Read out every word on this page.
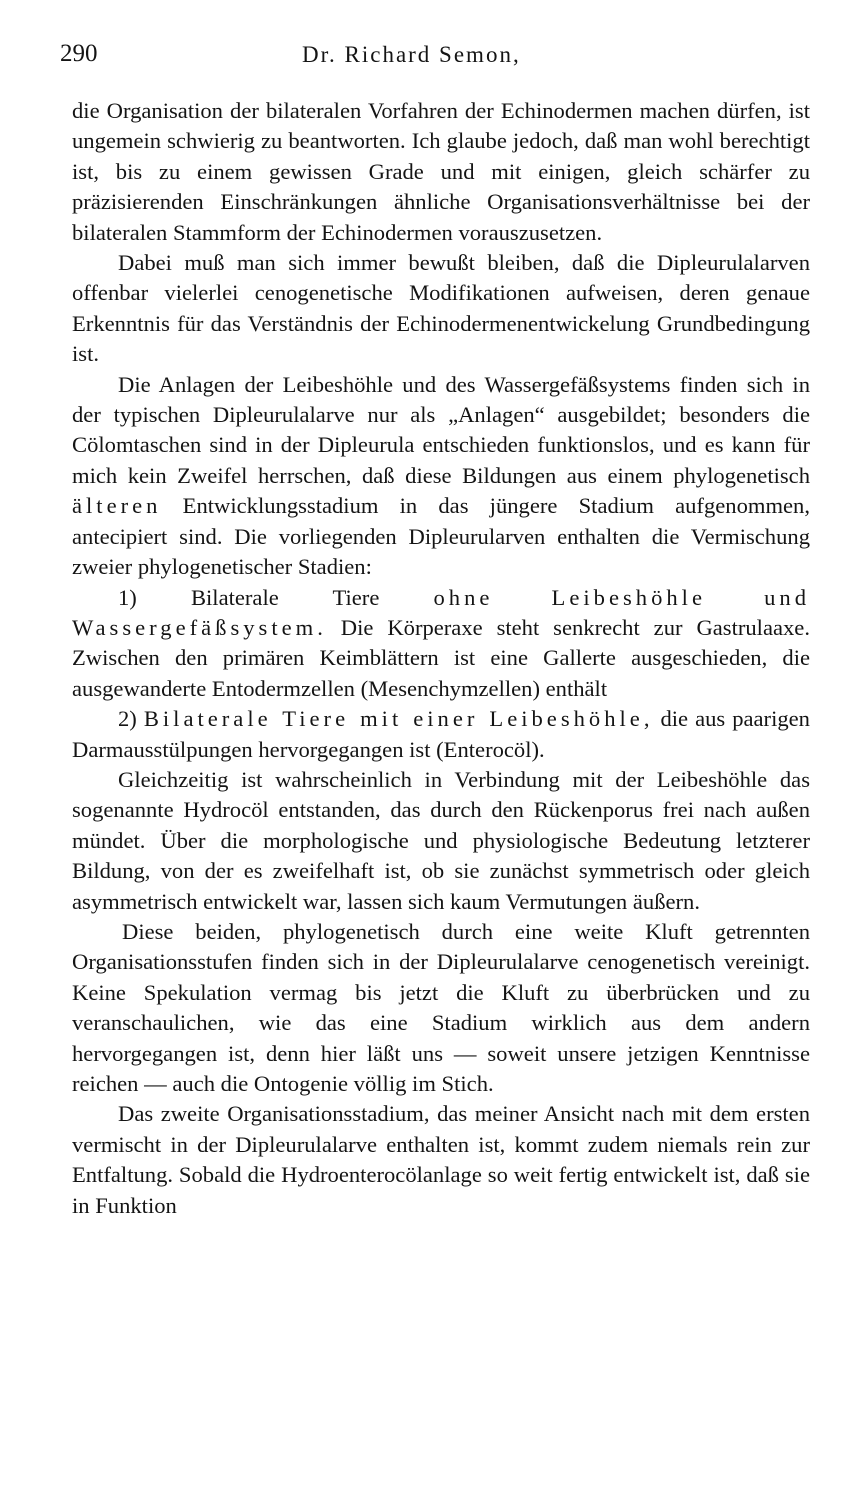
290	Dr. Richard Semon,

die Organisation der bilateralen Vorfahren der Echinodermen machen dürfen, ist ungemein schwierig zu beantworten. Ich glaube jedoch, daß man wohl berechtigt ist, bis zu einem gewissen Grade und mit einigen, gleich schärfer zu präzisierenden Einschränkungen ähnliche Organisationsverhältnisse bei der bilateralen Stammform der Echinodermen vorauszusetzen.

Dabei muß man sich immer bewußt bleiben, daß die Dipleurulalarven offenbar vielerlei cenogenetische Modifikationen aufweisen, deren genaue Erkenntnis für das Verständnis der Echinodermenentwickelung Grundbedingung ist.

Die Anlagen der Leibeshöhle und des Wassergefäßsystems finden sich in der typischen Dipleurulalarve nur als „Anlagen“ ausgebildet; besonders die Cölomtaschen sind in der Dipleurula entschieden funktionslos, und es kann für mich kein Zweifel herrschen, daß diese Bildungen aus einem phylogenetisch älteren Entwicklungsstadium in das jüngere Stadium aufgenommen, antecipiert sind. Die vorliegenden Dipleurularven enthalten die Vermischung zweier phylogenetischer Stadien:

1) Bilaterale Tiere ohne Leibeshöhle und Wassergefäßsystem. Die Körperaxe steht senkrecht zur Gastrulaaxe. Zwischen den primären Keimblättern ist eine Gallerte ausgeschieden, die ausgewanderte Entodermzellen (Mesenchymzellen) enthält

2) Bilaterale Tiere mit einer Leibeshöhle, die aus paarigen Darmausstülpungen hervorgegangen ist (Enterocöl).

Gleichzeitig ist wahrscheinlich in Verbindung mit der Leibeshöhle das sogenannte Hydrocöl entstanden, das durch den Rückenporus frei nach außen mündet. Über die morphologische und physiologische Bedeutung letzterer Bildung, von der es zweifelhaft ist, ob sie zunächst symmetrisch oder gleich asymmetrisch entwickelt war, lassen sich kaum Vermutungen äußern.

Diese beiden, phylogenetisch durch eine weite Kluft getrennten Organisationsstufen finden sich in der Dipleurulalarve cenogenetisch vereinigt. Keine Spekulation vermag bis jetzt die Kluft zu überbrücken und zu veranschaulichen, wie das eine Stadium wirklich aus dem andern hervorgegangen ist, denn hier läßt uns — soweit unsere jetzigen Kenntnisse reichen — auch die Ontogenie völlig im Stich.

Das zweite Organisationsstadium, das meiner Ansicht nach mit dem ersten vermischt in der Dipleurulalarve enthalten ist, kommt zudem niemals rein zur Entfaltung. Sobald die Hydroenterocölanlage so weit fertig entwickelt ist, daß sie in Funktion
